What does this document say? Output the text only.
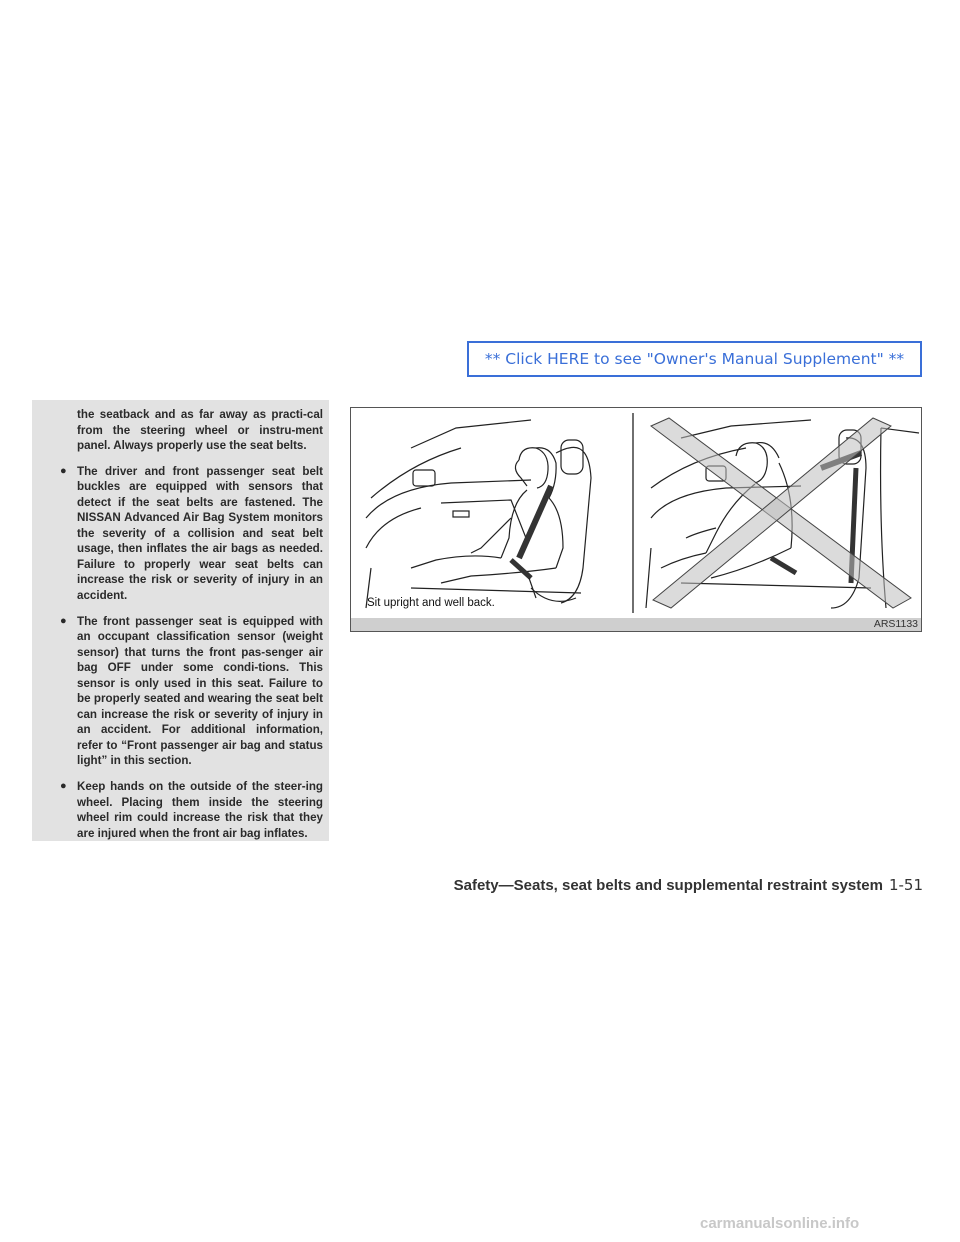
** Click HERE to see "Owner's Manual Supplement" **

the seatback and as far away as practi-cal from the steering wheel or instru-ment panel. Always properly use the seat belts.

● The driver and front passenger seat belt buckles are equipped with sensors that detect if the seat belts are fastened. The NISSAN Advanced Air Bag System monitors the severity of a collision and seat belt usage, then inflates the air bags as needed. Failure to properly wear seat belts can increase the risk or severity of injury in an accident.
● The front passenger seat is equipped with an occupant classification sensor (weight sensor) that turns the front pas-senger air bag OFF under some condi-tions. This sensor is only used in this seat. Failure to be properly seated and wearing the seat belt can increase the risk or severity of injury in an accident. For additional information, refer to “Front passenger air bag and status light” in this section.
● Keep hands on the outside of the steer-ing wheel. Placing them inside the steering wheel rim could increase the risk that they are injured when the front air bag inflates.
Sit upright and well back.
ARS1133
Safety—Seats, seat belts and supplemental restraint system 1-51
carmanualsonline.info
